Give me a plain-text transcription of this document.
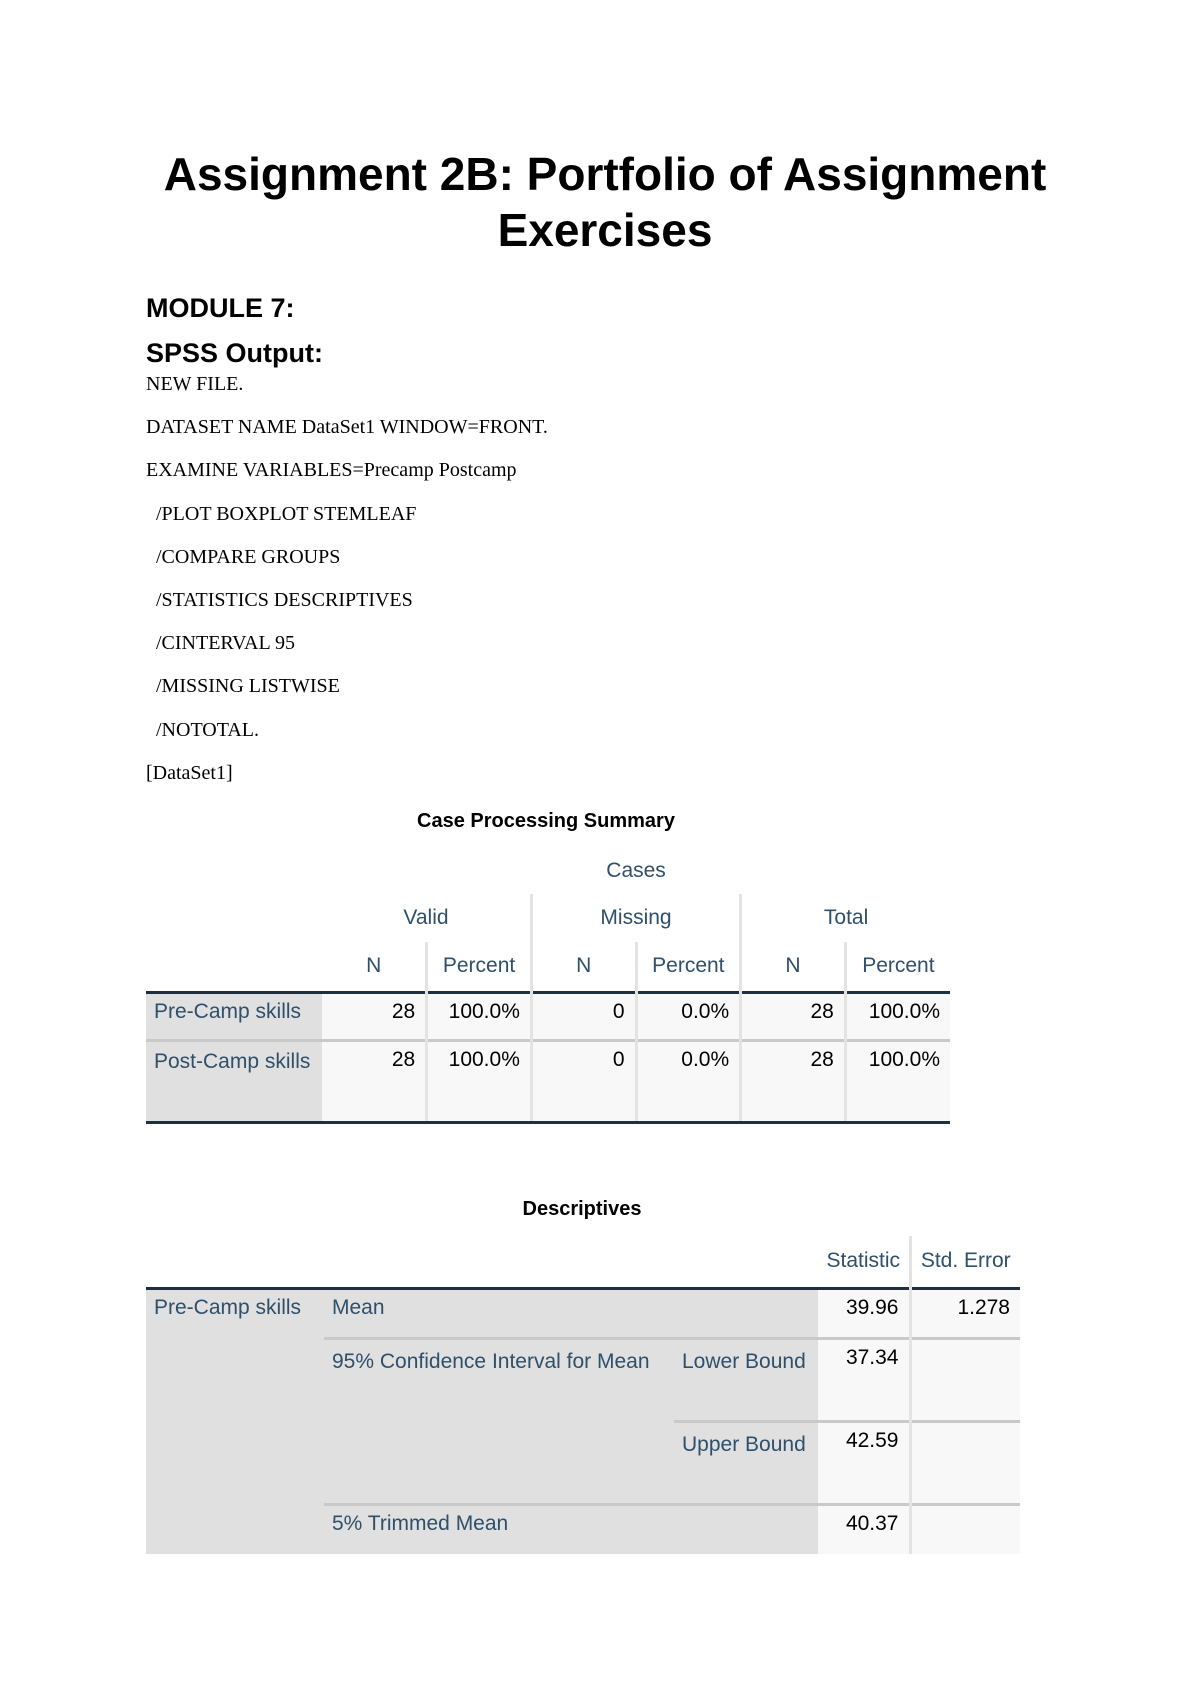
Assignment 2B: Portfolio of Assignment Exercises
MODULE 7:
SPSS Output:
NEW FILE.
DATASET NAME DataSet1 WINDOW=FRONT.
EXAMINE VARIABLES=Precamp Postcamp
/PLOT BOXPLOT STEMLEAF
/COMPARE GROUPS
/STATISTICS DESCRIPTIVES
/CINTERVAL 95
/MISSING LISTWISE
/NOTOTAL.
[DataSet1]
Case Processing Summary
	Cases					
	Valid		Missing		Total	
	N	Percent	N	Percent	N	Percent
Pre-Camp skills	28	100.0%	0	0.0%	28	100.0%
Post-Camp skills	28	100.0%	0	0.0%	28	100.0%
Descriptives
			Statistic	Std. Error
Pre-Camp skills	Mean		39.96	1.278
	95% Confidence Interval for Mean	Lower Bound	37.34	
		Upper Bound	42.59	
	5% Trimmed Mean		40.37	
